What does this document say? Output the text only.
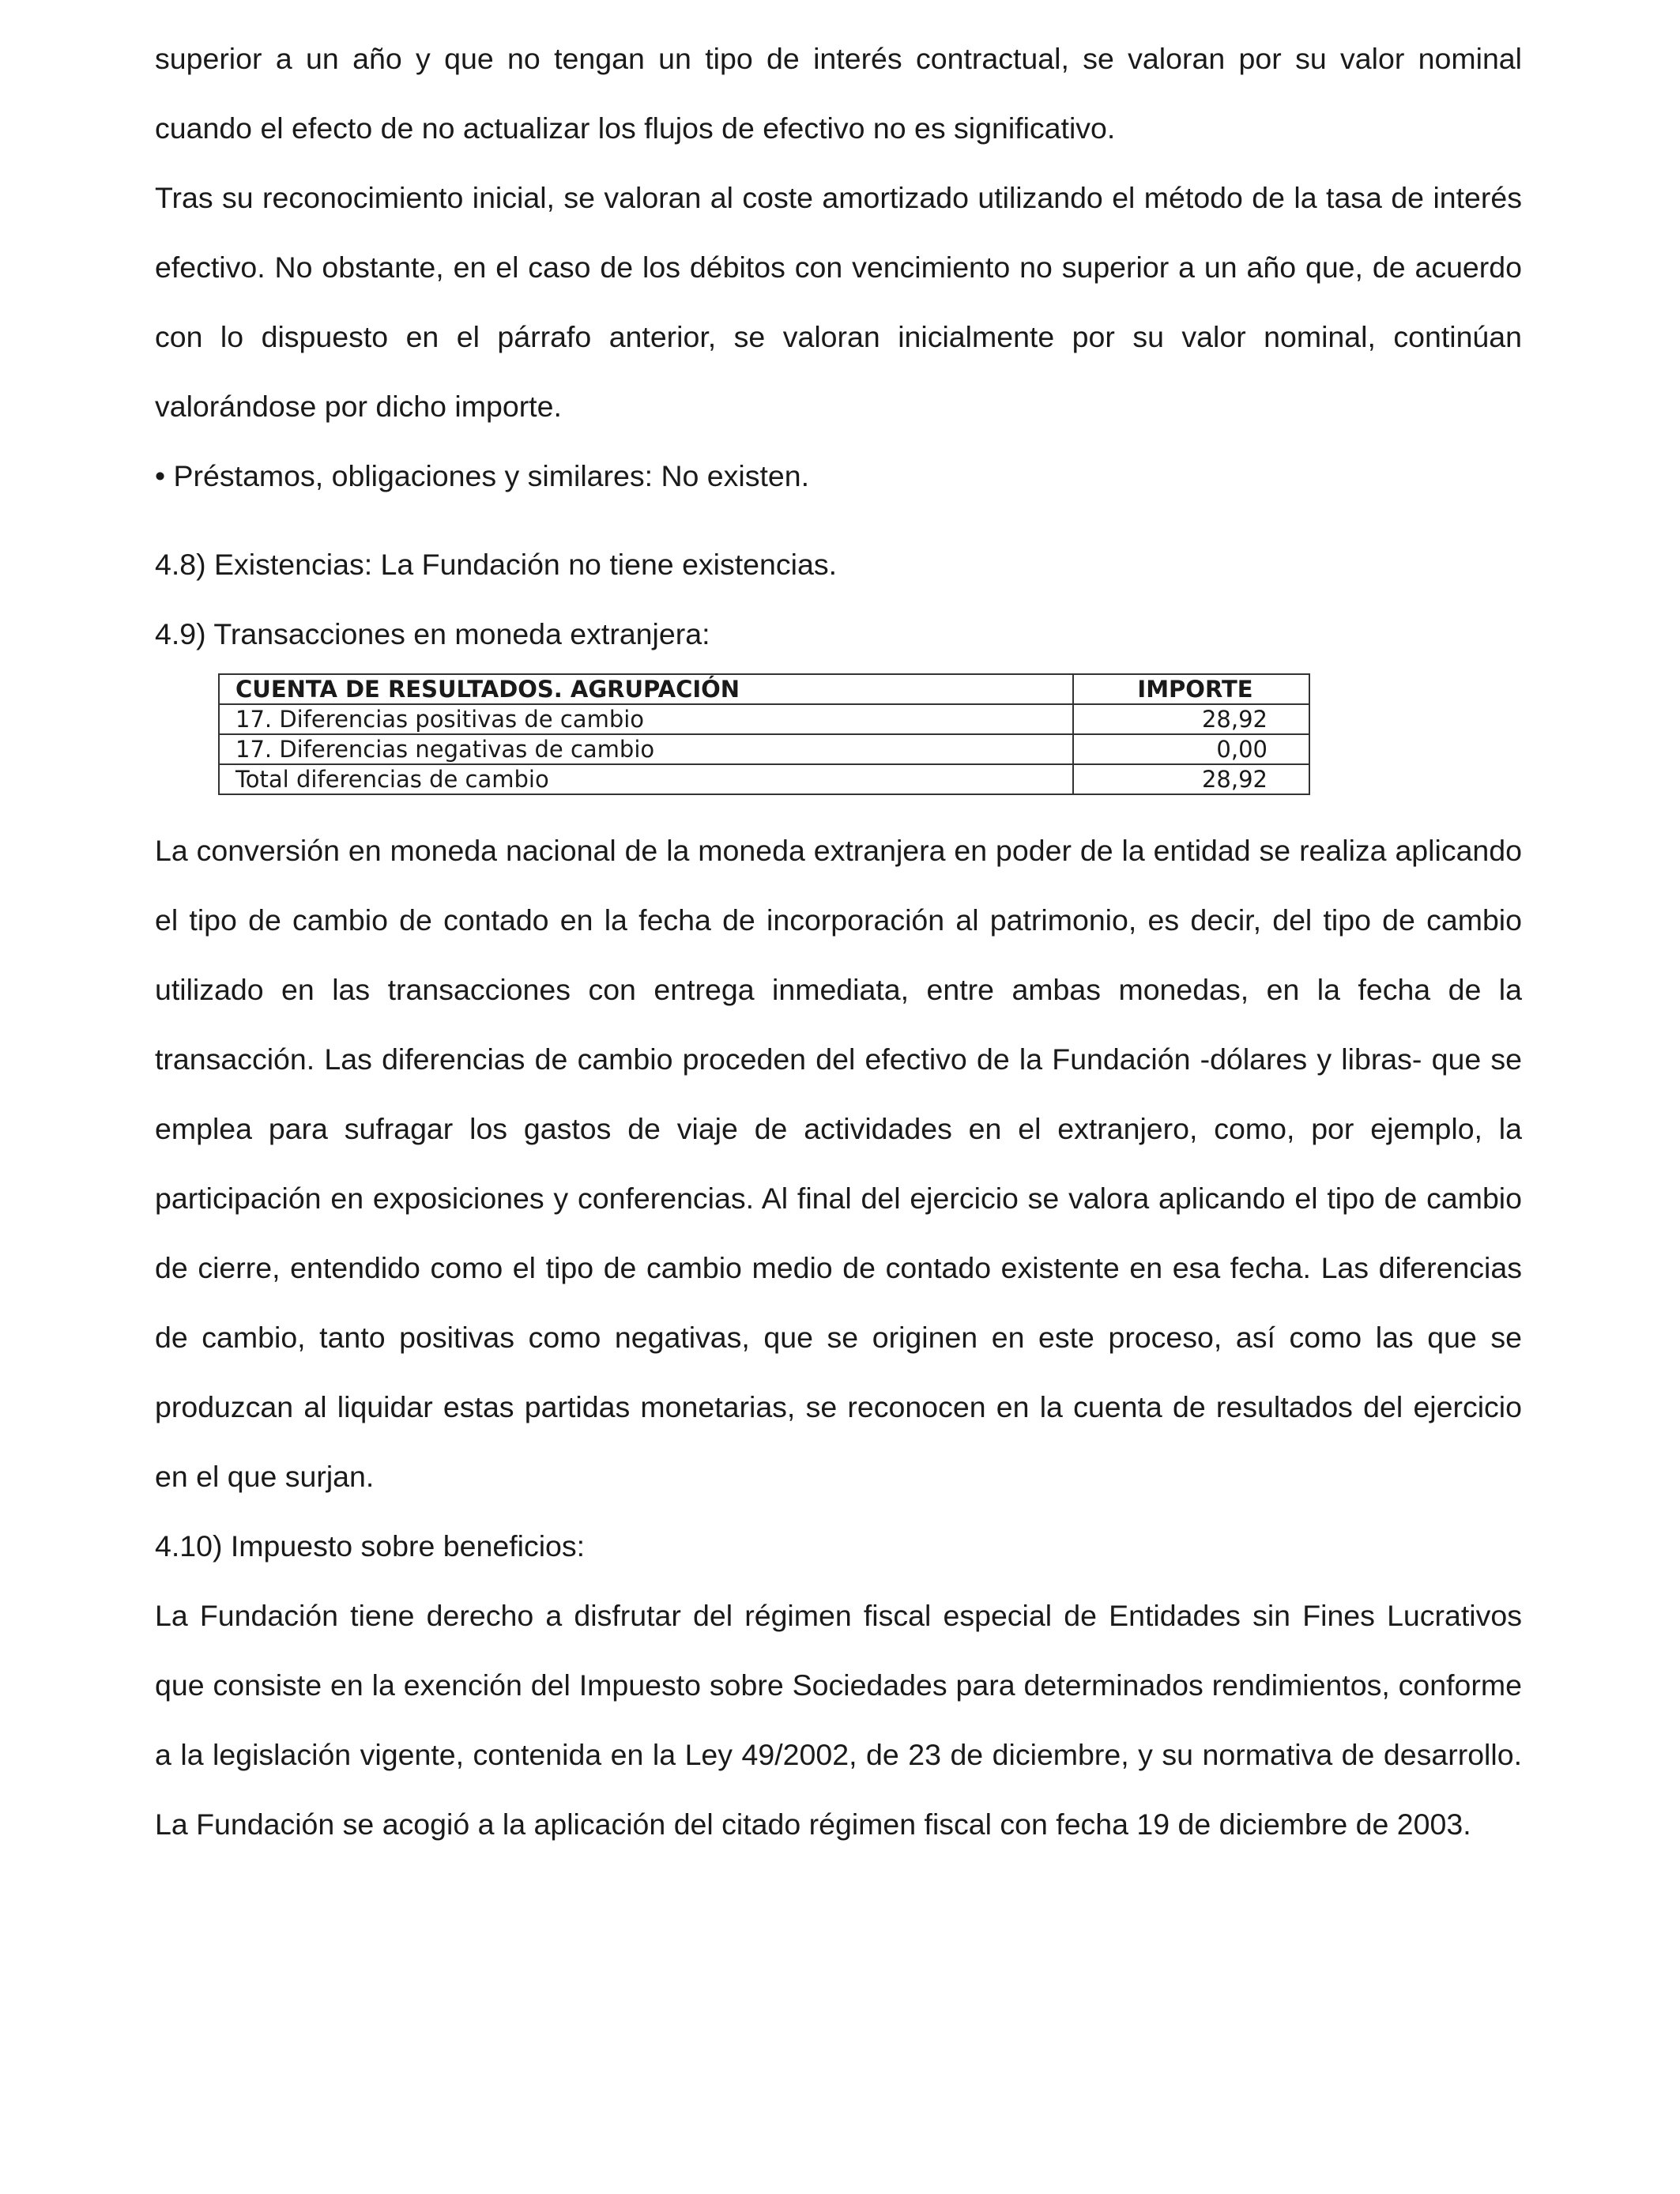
superior a un año y que no tengan un tipo de interés contractual, se valoran por su valor nominal cuando el efecto de no actualizar los flujos de efectivo no es significativo.

Tras su reconocimiento inicial, se valoran al coste amortizado utilizando el método de la tasa de interés efectivo. No obstante, en el caso de los débitos con vencimiento no superior a un año que, de acuerdo con lo dispuesto en el párrafo anterior, se valoran inicialmente por su valor nominal, continúan valorándose por dicho importe.

• Préstamos, obligaciones y similares: No existen.

4.8) Existencias: La Fundación no tiene existencias.

4.9) Transacciones en moneda extranjera:

CUENTA DE RESULTADOS. AGRUPACIÓN	IMPORTE
17. Diferencias positivas de cambio	28,92
17. Diferencias negativas de cambio	0,00
Total diferencias de cambio	28,92

La conversión en moneda nacional de la moneda extranjera en poder de la entidad se realiza aplicando el tipo de cambio de contado en la fecha de incorporación al patrimonio, es decir, del tipo de cambio utilizado en las transacciones con entrega inmediata, entre ambas monedas, en la fecha de la transacción. Las diferencias de cambio proceden del efectivo de la Fundación -dólares y libras- que se emplea para sufragar los gastos de viaje de actividades en el extranjero, como, por ejemplo, la participación en exposiciones y conferencias. Al final del ejercicio se valora aplicando el tipo de cambio de cierre, entendido como el tipo de cambio medio de contado existente en esa fecha. Las diferencias de cambio, tanto positivas como negativas, que se originen en este proceso, así como las que se produzcan al liquidar estas partidas monetarias, se reconocen en la cuenta de resultados del ejercicio en el que surjan.

4.10) Impuesto sobre beneficios:

La Fundación tiene derecho a disfrutar del régimen fiscal especial de Entidades sin Fines Lucrativos que consiste en la exención del Impuesto sobre Sociedades para determinados rendimientos, conforme a la legislación vigente, contenida en la Ley 49/2002, de 23 de diciembre, y su normativa de desarrollo. La Fundación se acogió a la aplicación del citado régimen fiscal con fecha 19 de diciembre de 2003.
